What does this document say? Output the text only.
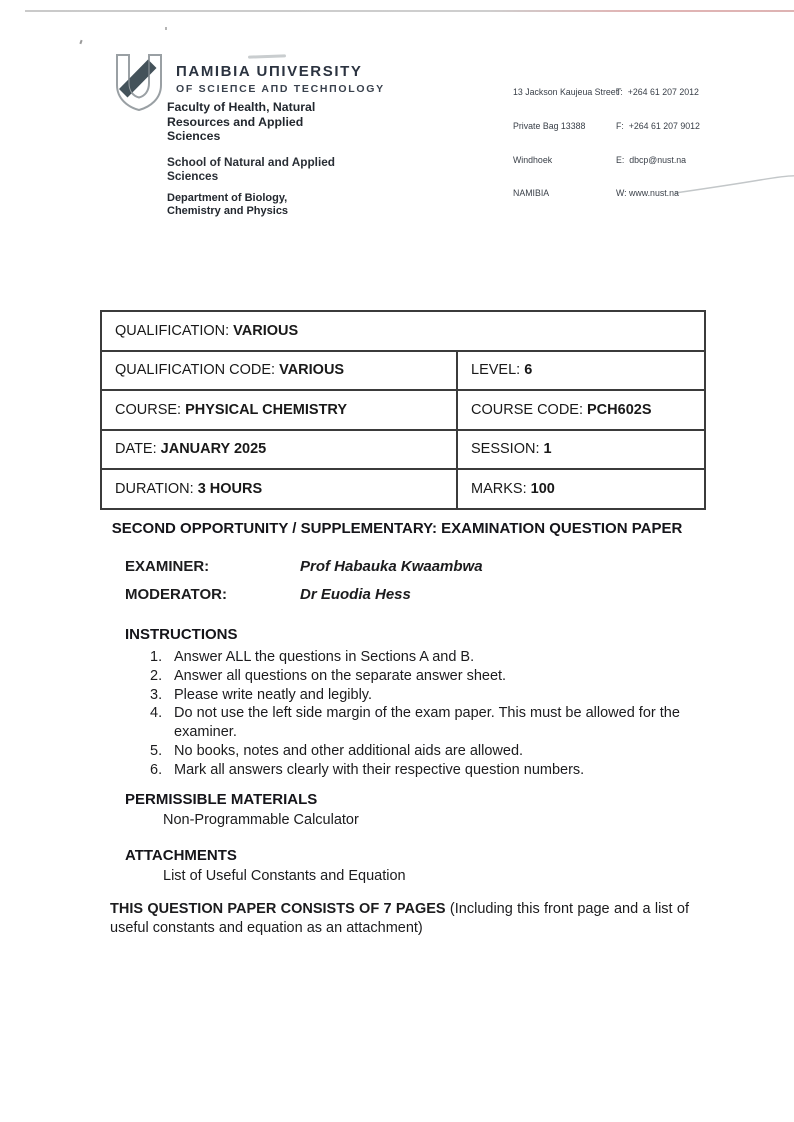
ПAMIBIA UПIVERSITY
OF SCIEПCE AПD TECHПOLOGY

	13 Jackson Kaujeua Street

Private Bag 13388

Windhoek

NAMIBIA

T:  +264 61 207 2012

F:  +264 61 207 9012

E:  dbcp@nust.na

W: www.nust.na

Faculty of Health, Natural
Resources and Applied
Sciences
School of Natural and Applied
Sciences
Department of Biology,
Chemistry and Physics
QUALIFICATION: VARIOUS
QUALIFICATION CODE: VARIOUS	LEVEL: 6
COURSE: PHYSICAL CHEMISTRY	COURSE CODE: PCH602S
DATE: JANUARY 2025	SESSION: 1
DURATION: 3 HOURS	MARKS: 100
SECOND OPPORTUNITY / SUPPLEMENTARY: EXAMINATION QUESTION PAPER
EXAMINER:	Prof Habauka Kwaambwa
MODERATOR:	Dr Euodia Hess
INSTRUCTIONS
1. Answer ALL the questions in Sections A and B.
2. Answer all questions on the separate answer sheet.
3. Please write neatly and legibly.
4. Do not use the left side margin of the exam paper. This must be allowed for the examiner.
5. No books, notes and other additional aids are allowed.
6. Mark all answers clearly with their respective question numbers.
PERMISSIBLE MATERIALS
Non-Programmable Calculator
ATTACHMENTS
List of Useful Constants and Equation
THIS QUESTION PAPER CONSISTS OF 7 PAGES (Including this front page and a list of useful constants and equation as an attachment)
